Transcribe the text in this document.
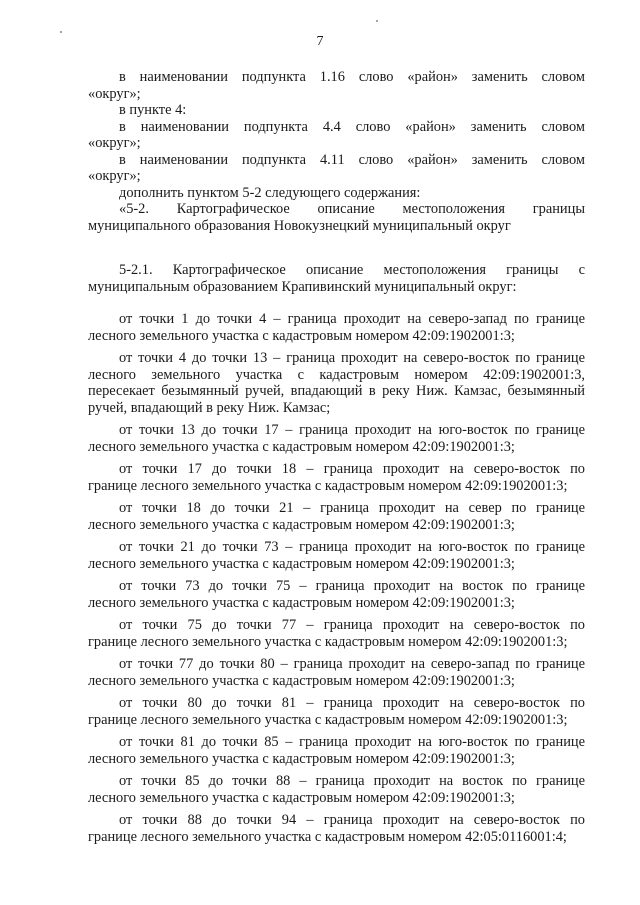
7

в наименовании подпункта 1.16 слово «район» заменить словом

«округ»;

в пункте 4:

в наименовании подпункта 4.4 слово «район» заменить словом

«округ»;

в наименовании подпункта 4.11 слово «район» заменить словом

«округ»;

дополнить пунктом 5-2 следующего содержания:

«5-2. Картографическое описание местоположения границы

муниципального образования Новокузнецкий муниципальный округ

5-2.1. Картографическое описание местоположения границы с

муниципальным образованием Крапивинский муниципальный округ:

от точки 1 до точки 4 – граница проходит на северо-запад по границе

лесного земельного участка с кадастровым номером 42:09:1902001:3;

от точки 4 до точки 13 – граница проходит на северо-восток по границе

лесного земельного участка с кадастровым номером 42:09:1902001:3,

пересекает безымянный ручей, впадающий в реку Ниж. Камзас, безымянный

ручей, впадающий в реку Ниж. Камзас;

от точки 13 до точки 17 – граница проходит на юго-восток по границе

лесного земельного участка с кадастровым номером 42:09:1902001:3;

от точки 17 до точки 18 – граница проходит на северо-восток по

границе лесного земельного участка с кадастровым номером 42:09:1902001:3;

от точки 18 до точки 21 – граница проходит на север по границе

лесного земельного участка с кадастровым номером 42:09:1902001:3;

от точки 21 до точки 73 – граница проходит на юго-восток по границе

лесного земельного участка с кадастровым номером 42:09:1902001:3;

от точки 73 до точки 75 – граница проходит на восток по границе

лесного земельного участка с кадастровым номером 42:09:1902001:3;

от точки 75 до точки 77 – граница проходит на северо-восток по

границе лесного земельного участка с кадастровым номером 42:09:1902001:3;

от точки 77 до точки 80 – граница проходит на северо-запад по границе

лесного земельного участка с кадастровым номером 42:09:1902001:3;

от точки 80 до точки 81 – граница проходит на северо-восток по

границе лесного земельного участка с кадастровым номером 42:09:1902001:3;

от точки 81 до точки 85 – граница проходит на юго-восток по границе

лесного земельного участка с кадастровым номером 42:09:1902001:3;

от точки 85 до точки 88 – граница проходит на восток по границе

лесного земельного участка с кадастровым номером 42:09:1902001:3;

от точки 88 до точки 94 – граница проходит на северо-восток по

границе лесного земельного участка с кадастровым номером 42:05:0116001:4;
